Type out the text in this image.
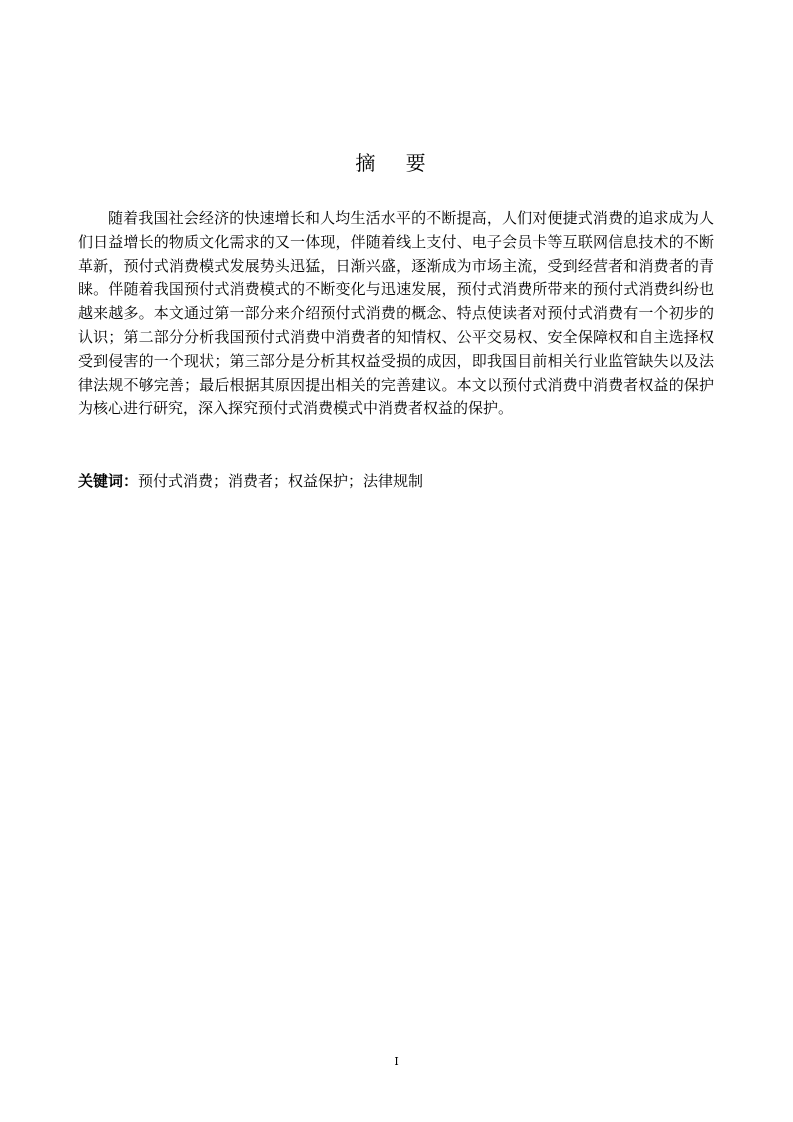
摘 要

随着我国社会经济的快速增长和人均生活水平的不断提高，人们对便捷式消费的追求成为人们日益增长的物质文化需求的又一体现，伴随着线上支付、电子会员卡等互联网信息技术的不断革新，预付式消费模式发展势头迅猛，日渐兴盛，逐渐成为市场主流，受到经营者和消费者的青睐。伴随着我国预付式消费模式的不断变化与迅速发展，预付式消费所带来的预付式消费纠纷也越来越多。本文通过第一部分来介绍预付式消费的概念、特点使读者对预付式消费有一个初步的认识；第二部分分析我国预付式消费中消费者的知情权、公平交易权、安全保障权和自主选择权受到侵害的一个现状；第三部分是分析其权益受损的成因，即我国目前相关行业监管缺失以及法律法规不够完善；最后根据其原因提出相关的完善建议。本文以预付式消费中消费者权益的保护为核心进行研究，深入探究预付式消费模式中消费者权益的保护。

关键词：预付式消费；消费者；权益保护；法律规制

I
